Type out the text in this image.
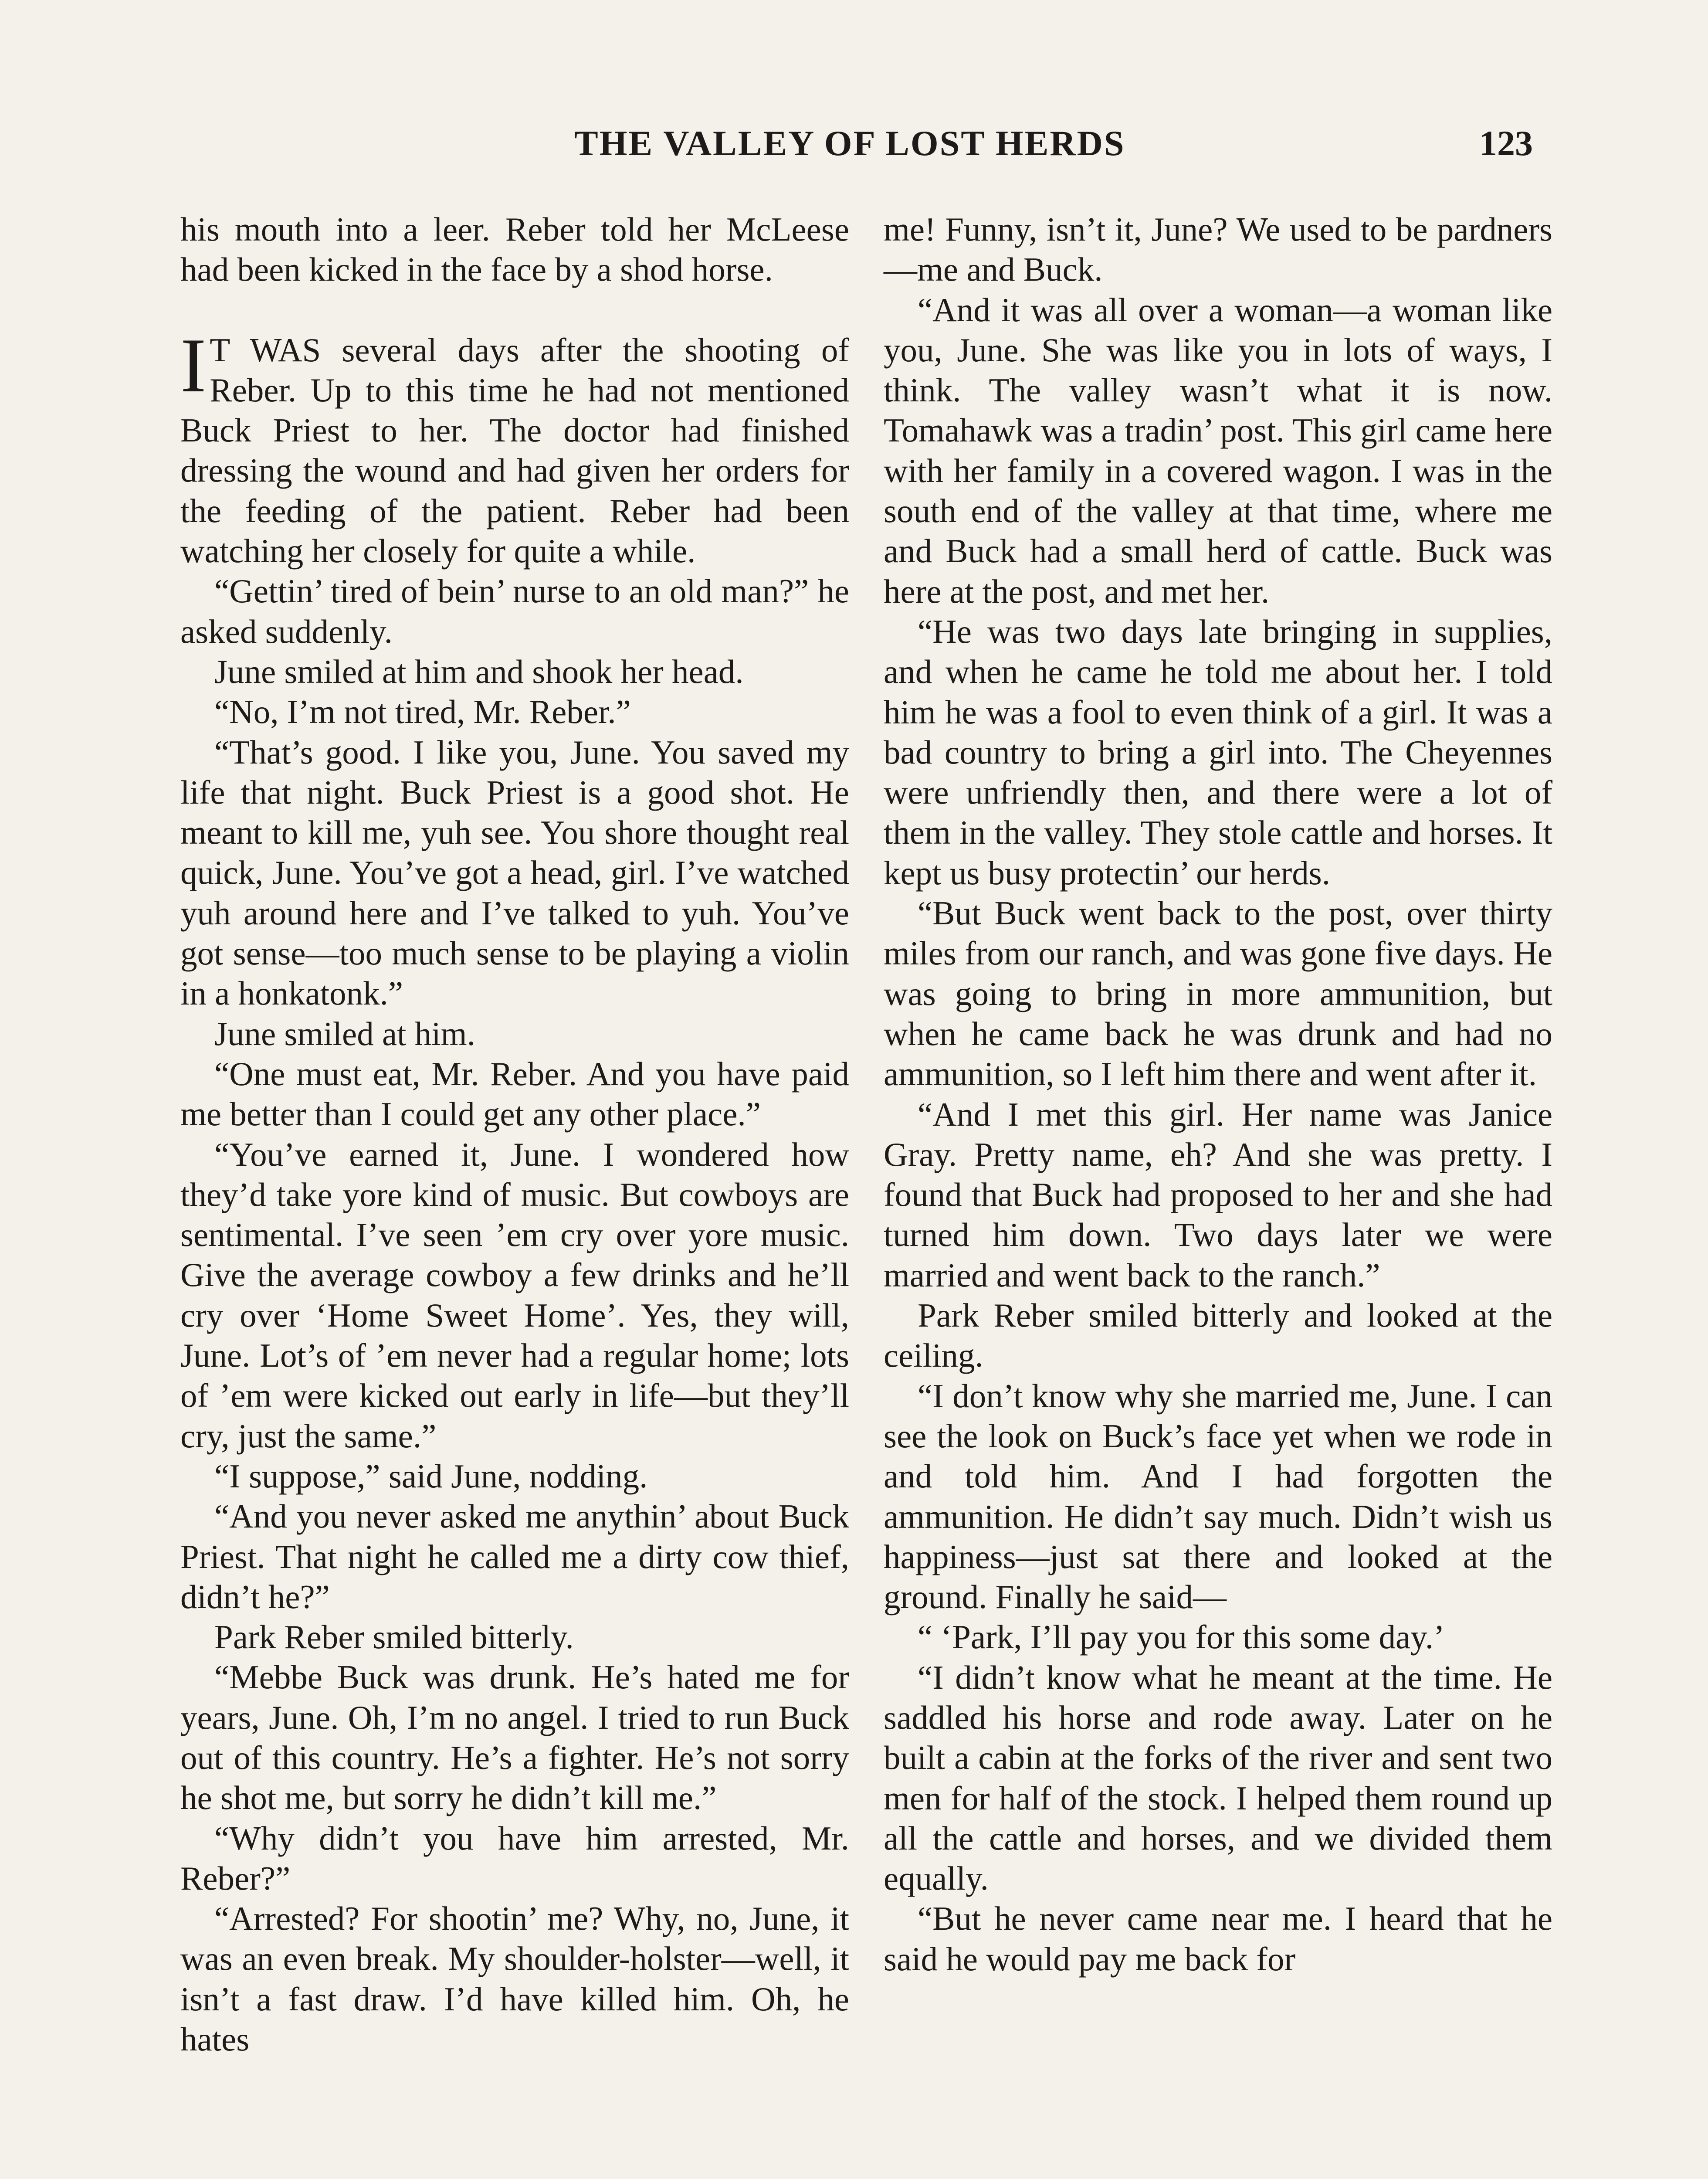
THE VALLEY OF LOST HERDS	123

his mouth into a leer. Reber told her McLeese had been kicked in the face by a shod horse.

I T WAS several days after the shooting of Reber. Up to this time he had not mentioned Buck Priest to her. The doctor had finished dressing the wound and had given her orders for the feeding of the patient. Reber had been watching her closely for quite a while.

“Gettin’ tired of bein’ nurse to an old man?” he asked suddenly.

June smiled at him and shook her head.

“No, I’m not tired, Mr. Reber.”

“That’s good. I like you, June. You saved my life that night. Buck Priest is a good shot. He meant to kill me, yuh see. You shore thought real quick, June. You’ve got a head, girl. I’ve watched yuh around here and I’ve talked to yuh. You’ve got sense—too much sense to be playing a violin in a honkatonk.”

June smiled at him.

“One must eat, Mr. Reber. And you have paid me better than I could get any other place.”

“You’ve earned it, June. I wondered how they’d take yore kind of music. But cowboys are sentimental. I’ve seen ’em cry over yore music. Give the average cowboy a few drinks and he’ll cry over ‘Home Sweet Home’. Yes, they will, June. Lot’s of ’em never had a regular home; lots of ’em were kicked out early in life—but they’ll cry, just the same.”

“I suppose,” said June, nodding.

“And you never asked me anythin’ about Buck Priest. That night he called me a dirty cow thief, didn’t he?”

Park Reber smiled bitterly.

“Mebbe Buck was drunk. He’s hated me for years, June. Oh, I’m no angel. I tried to run Buck out of this country. He’s a fighter. He’s not sorry he shot me, but sorry he didn’t kill me.”

“Why didn’t you have him arrested, Mr. Reber?”

“Arrested? For shootin’ me? Why, no, June, it was an even break. My shoulder-holster—well, it isn’t a fast draw. I’d have killed him. Oh, he hates

me! Funny, isn’t it, June? We used to be pardners—me and Buck.

“And it was all over a woman—a woman like you, June. She was like you in lots of ways, I think. The valley wasn’t what it is now. Tomahawk was a tradin’ post. This girl came here with her family in a covered wagon. I was in the south end of the valley at that time, where me and Buck had a small herd of cattle. Buck was here at the post, and met her.

“He was two days late bringing in supplies, and when he came he told me about her. I told him he was a fool to even think of a girl. It was a bad country to bring a girl into. The Cheyennes were unfriendly then, and there were a lot of them in the valley. They stole cattle and horses. It kept us busy protectin’ our herds.

“But Buck went back to the post, over thirty miles from our ranch, and was gone five days. He was going to bring in more ammunition, but when he came back he was drunk and had no ammunition, so I left him there and went after it.

“And I met this girl. Her name was Janice Gray. Pretty name, eh? And she was pretty. I found that Buck had proposed to her and she had turned him down. Two days later we were married and went back to the ranch.”

Park Reber smiled bitterly and looked at the ceiling.

“I don’t know why she married me, June. I can see the look on Buck’s face yet when we rode in and told him. And I had forgotten the ammunition. He didn’t say much. Didn’t wish us happiness—just sat there and looked at the ground. Finally he said—

“ ‘Park, I’ll pay you for this some day.’

“I didn’t know what he meant at the time. He saddled his horse and rode away. Later on he built a cabin at the forks of the river and sent two men for half of the stock. I helped them round up all the cattle and horses, and we divided them equally.

“But he never came near me. I heard that he said he would pay me back for
